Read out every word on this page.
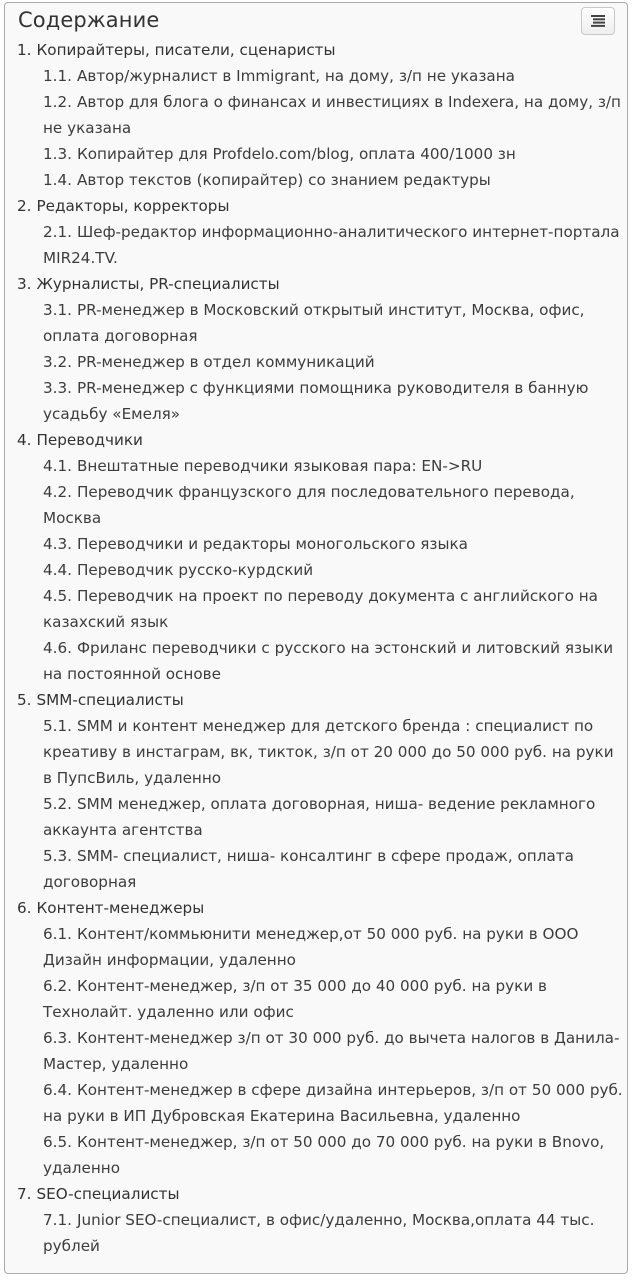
Содержание
1. Копирайтеры, писатели, сценаристы
1.1. Автор/журналист в Immigrant, на дому, з/п не указана
1.2. Автор для блога о финансах и инвестициях в Indexera, на дому, з/п не указана
1.3. Копирайтер для Profdelo.com/blog, оплата 400/1000 зн
1.4. Автор текстов (копирайтер) со знанием редактуры
2. Редакторы, корректоры
2.1. Шеф-редактор информационно-аналитического интернет-портала MIR24.TV.
3. Журналисты, PR-специалисты
3.1. PR-менеджер в Московский открытый институт, Москва, офис, оплата договорная
3.2. PR-менеджер в отдел коммуникаций
3.3. PR-менеджер с функциями помощника руководителя в банную усадьбу «Емеля»
4. Переводчики
4.1. Внештатные переводчики языковая пара: EN->RU
4.2. Переводчик французского для последовательного перевода, Москва
4.3. Переводчики и редакторы моногольского языка
4.4. Переводчик русско-курдский
4.5. Переводчик на проект по переводу документа с английского на казахский язык
4.6. Фриланс переводчики с русского на эстонский и литовский языки на постоянной основе
5. SMM-специалисты
5.1. SMM и контент менеджер для детского бренда : специалист по креативу в инстаграм, вк, тикток, з/п от 20 000 до 50 000 руб. на руки в ПупсВиль, удаленно
5.2. SMM менеджер, оплата договорная, ниша- ведение рекламного аккаунта агентства
5.3. SMM- специалист, ниша- консалтинг в сфере продаж, оплата договорная
6. Контент-менеджеры
6.1. Контент/коммьюнити менеджер,от 50 000 руб. на руки в ООО Дизайн информации, удаленно
6.2. Контент-менеджер, з/п от 35 000 до 40 000 руб. на руки в Технолайт. удаленно или офис
6.3. Контент-менеджер з/п от 30 000 руб. до вычета налогов в Данила-Мастер, удаленно
6.4. Контент-менеджер в сфере дизайна интерьеров, з/п от 50 000 руб. на руки в ИП Дубровская Екатерина Васильевна, удаленно
6.5. Контент-менеджер, з/п от 50 000 до 70 000 руб. на руки в Bnovo, удаленно
7. SEO-специалисты
7.1. Junior SEO-специалист, в офис/удаленно, Москва,оплата 44 тыс. рублей
